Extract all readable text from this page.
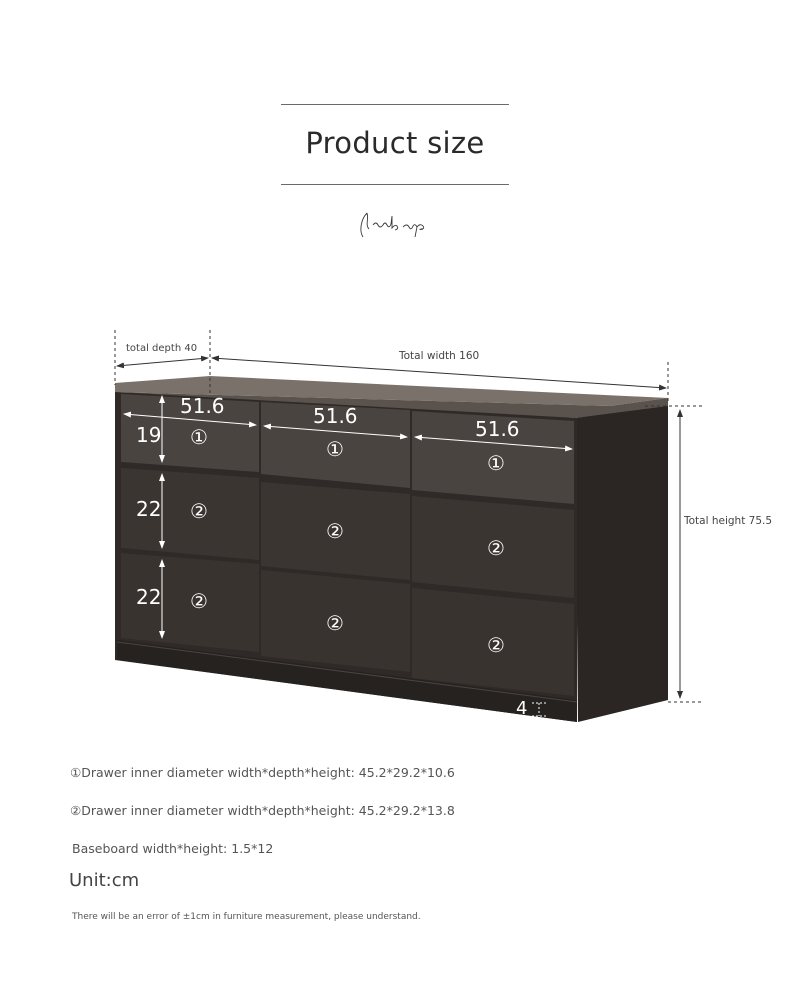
Product size
total depth 40
Total width 160
Total height 75.5
51.6	51.6
51.6
19
22
22
①	①
①
②
②
②
②
②
②
4
①Drawer inner diameter width*depth*height: 45.2*29.2*10.6
②Drawer inner diameter width*depth*height: 45.2*29.2*13.8
Baseboard width*height: 1.5*12
Unit:cm
There will be an error of ±1cm in furniture measurement, please understand.
